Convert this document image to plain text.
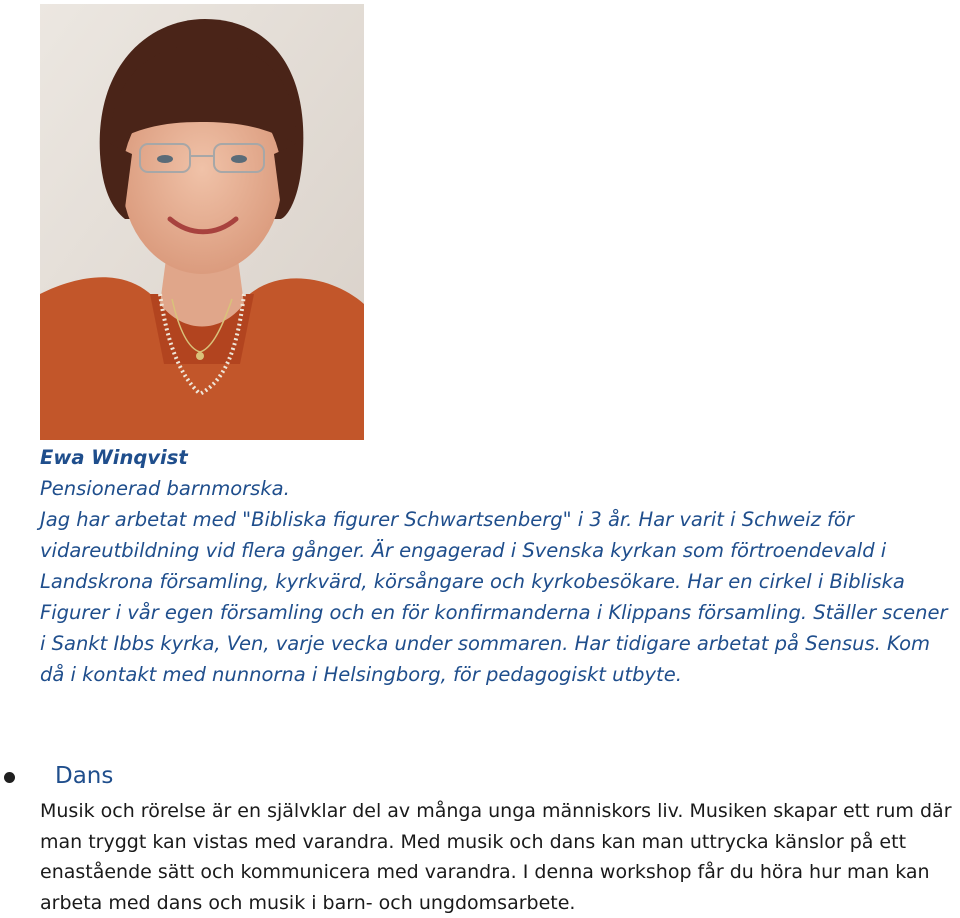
Ewa Winqvist
Pensionerad barnmorska.
Jag har arbetat med "Bibliska figurer Schwartsenberg" i 3 år. Har varit i Schweiz för vidareutbildning vid flera gånger. Är engagerad i Svenska kyrkan som förtroendevald i Landskrona församling, kyrkvärd, körsångare och kyrkobesökare. Har en cirkel i Bibliska Figurer i vår egen församling och en för konfirmanderna i Klippans församling. Ställer scener i Sankt Ibbs kyrka, Ven, varje vecka under sommaren. Har tidigare arbetat på Sensus. Kom då i kontakt med nunnorna i Helsingborg, för pedagogiskt utbyte.
Dans
Musik och rörelse är en självklar del av många unga människors liv. Musiken skapar ett rum där man tryggt kan vistas med varandra. Med musik och dans kan man uttrycka känslor på ett enastående sätt och kommunicera med varandra. I denna workshop får du höra hur man kan arbeta med dans och musik i barn- och ungdomsarbete.
